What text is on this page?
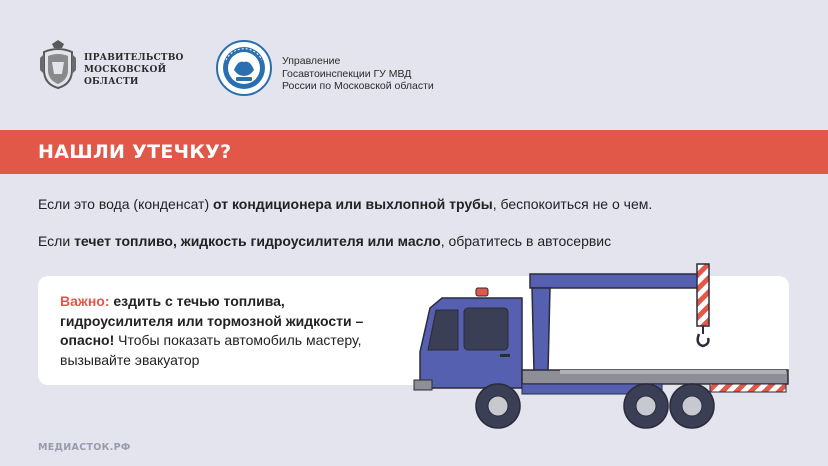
ПРАВИТЕЛЬСТВО
МОСКОВСКОЙ
ОБЛАСТИ
Управление
Госавтоинспекции ГУ МВД
России по Московской области
НАШЛИ УТЕЧКУ?
Если это вода (конденсат) от кондиционера или выхлопной трубы, беспокоиться не о чем.
Если течет топливо, жидкость гидроусилителя или масло, обратитесь в автосервис
Важно: ездить с течью топлива, гидроусилителя или тормозной жидкости – опасно! Чтобы показать автомобиль мастеру, вызывайте эвакуатор
МЕДИАСТОК.РФ
